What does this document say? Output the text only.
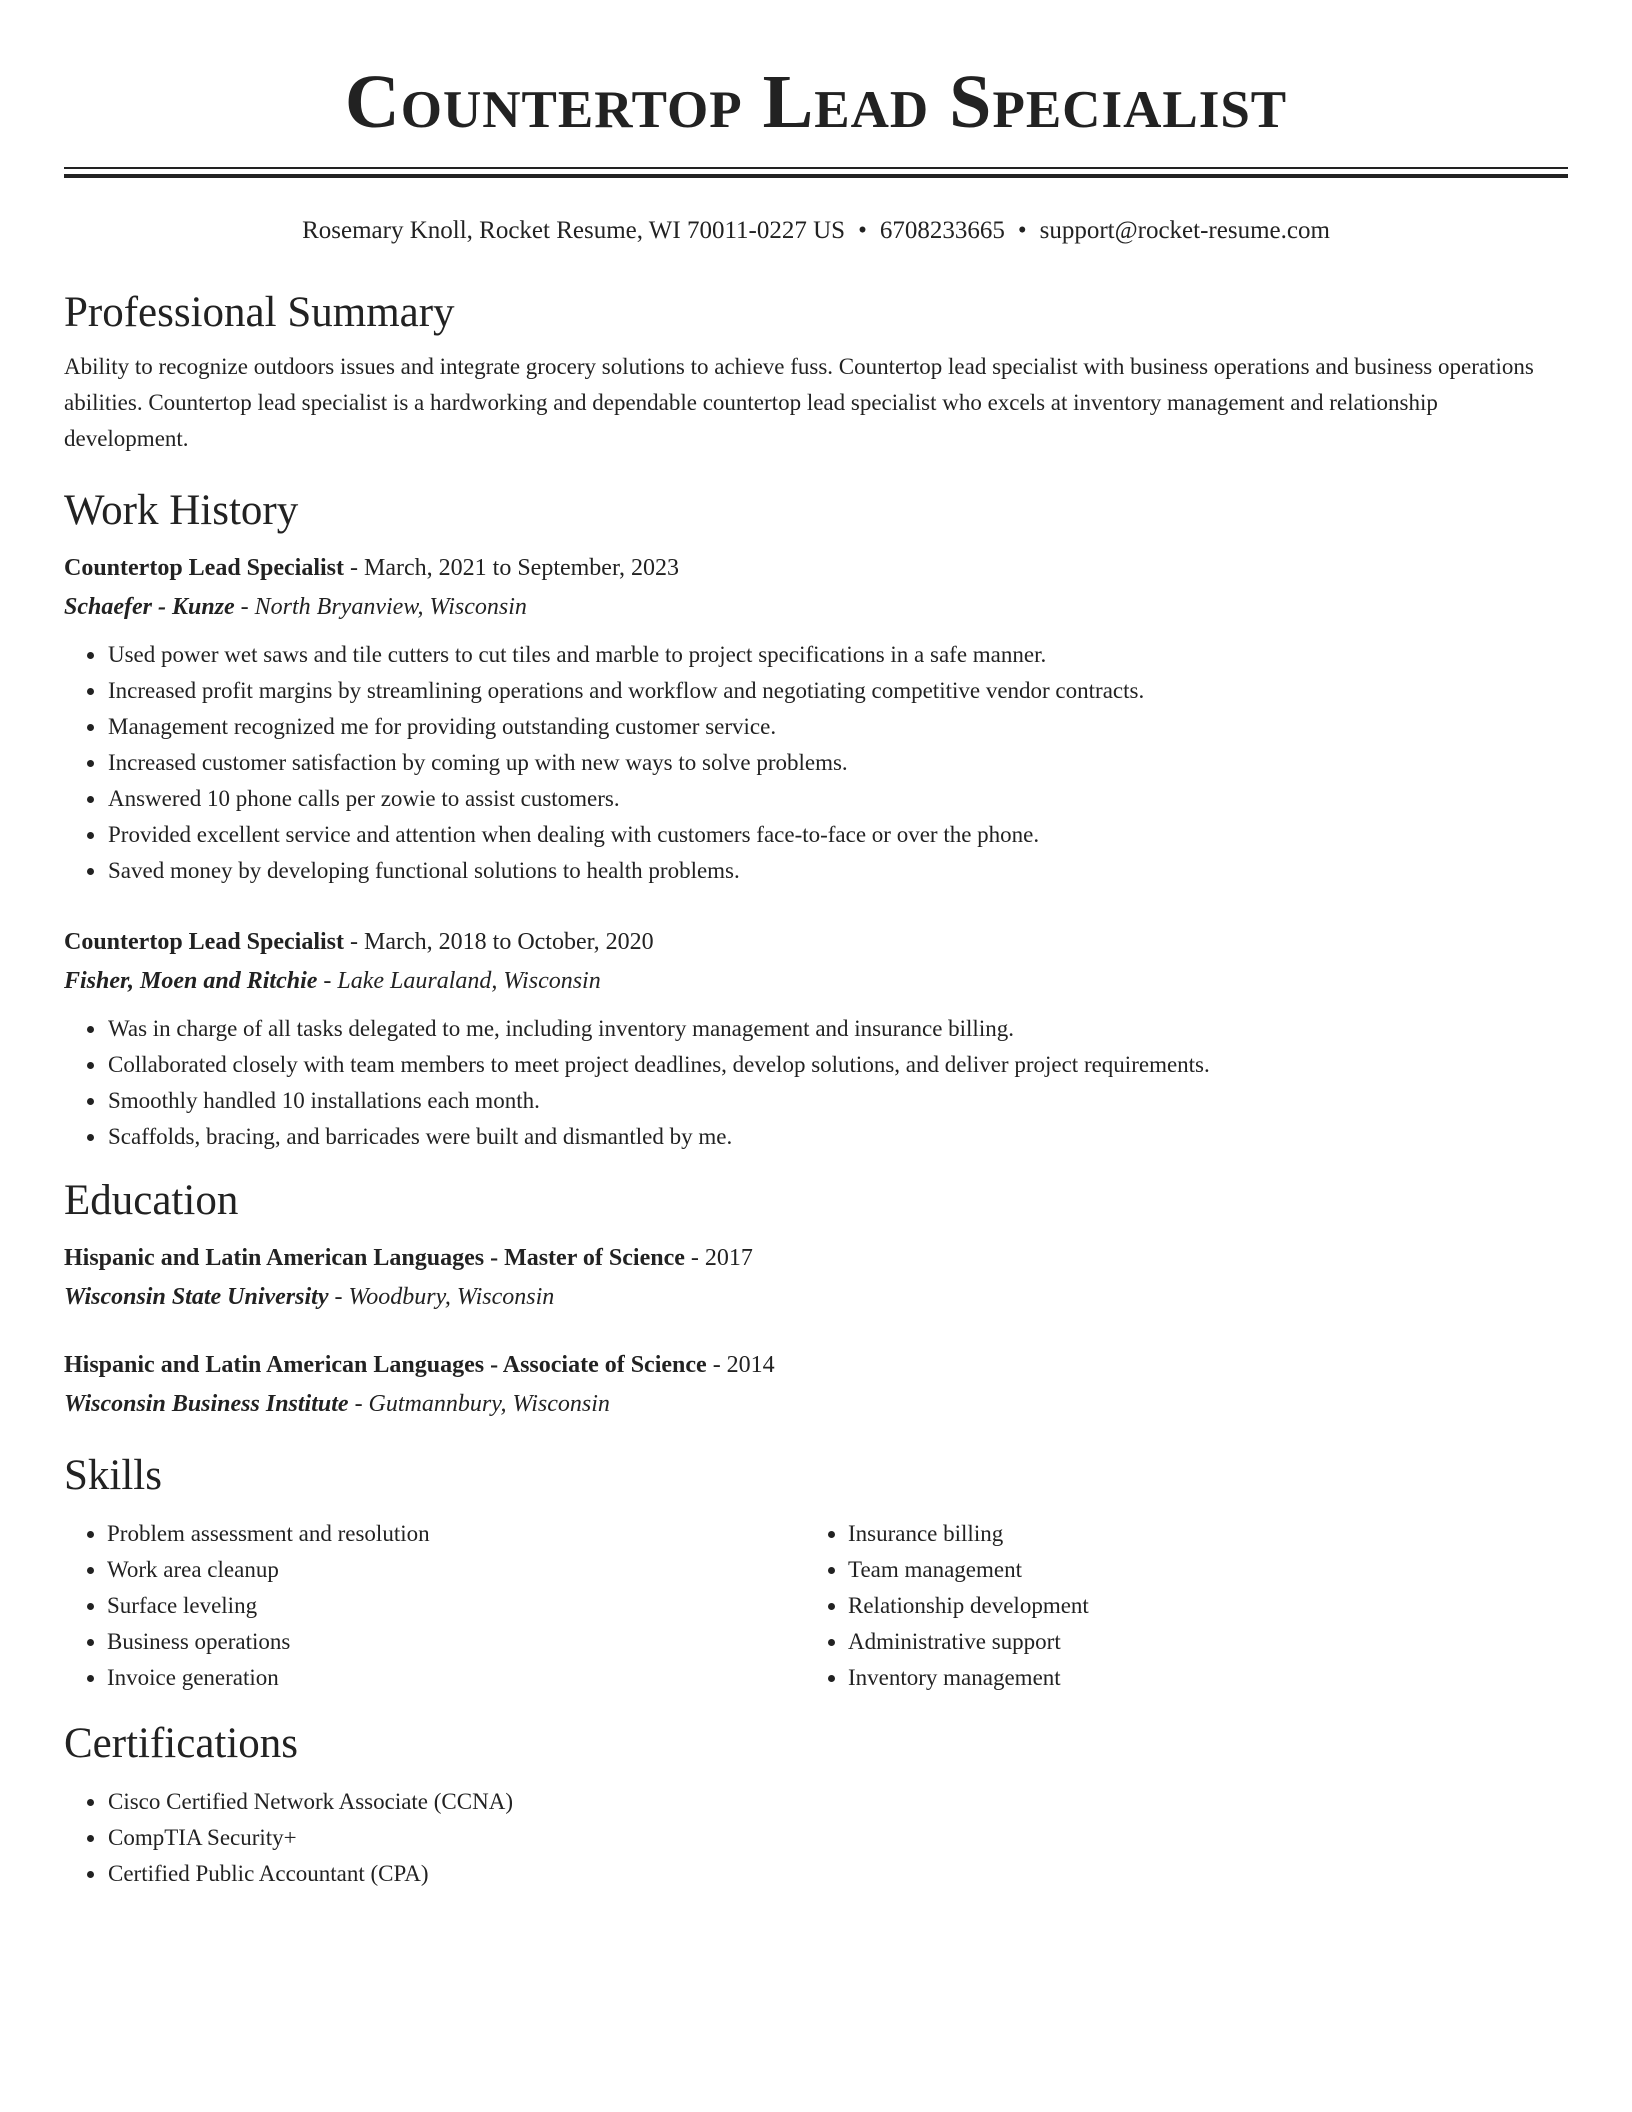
Countertop Lead Specialist
Rosemary Knoll, Rocket Resume, WI 70011-0227 US • 6708233665 • support@rocket-resume.com
Professional Summary

Ability to recognize outdoors issues and integrate grocery solutions to achieve fuss. Countertop lead specialist with business operations and business operations abilities. Countertop lead specialist is a hardworking and dependable countertop lead specialist who excels at inventory management and relationship development.

Work History
Countertop Lead Specialist - March, 2021 to September, 2023
Schaefer - Kunze - North Bryanview, Wisconsin
• Used power wet saws and tile cutters to cut tiles and marble to project specifications in a safe manner.
• Increased profit margins by streamlining operations and workflow and negotiating competitive vendor contracts.
• Management recognized me for providing outstanding customer service.
• Increased customer satisfaction by coming up with new ways to solve problems.
• Answered 10 phone calls per zowie to assist customers.
• Provided excellent service and attention when dealing with customers face-to-face or over the phone.
• Saved money by developing functional solutions to health problems.
Countertop Lead Specialist - March, 2018 to October, 2020
Fisher, Moen and Ritchie - Lake Lauraland, Wisconsin
• Was in charge of all tasks delegated to me, including inventory management and insurance billing.
• Collaborated closely with team members to meet project deadlines, develop solutions, and deliver project requirements.
• Smoothly handled 10 installations each month.
• Scaffolds, bracing, and barricades were built and dismantled by me.
Education
Hispanic and Latin American Languages - Master of Science - 2017
Wisconsin State University - Woodbury, Wisconsin
Hispanic and Latin American Languages - Associate of Science - 2014
Wisconsin Business Institute - Gutmannbury, Wisconsin
Skills
• Problem assessment and resolution
• Work area cleanup
• Surface leveling
• Business operations
• Invoice generation
• Insurance billing
• Team management
• Relationship development
• Administrative support
• Inventory management
Certifications
• Cisco Certified Network Associate (CCNA)
• CompTIA Security+
• Certified Public Accountant (CPA)
